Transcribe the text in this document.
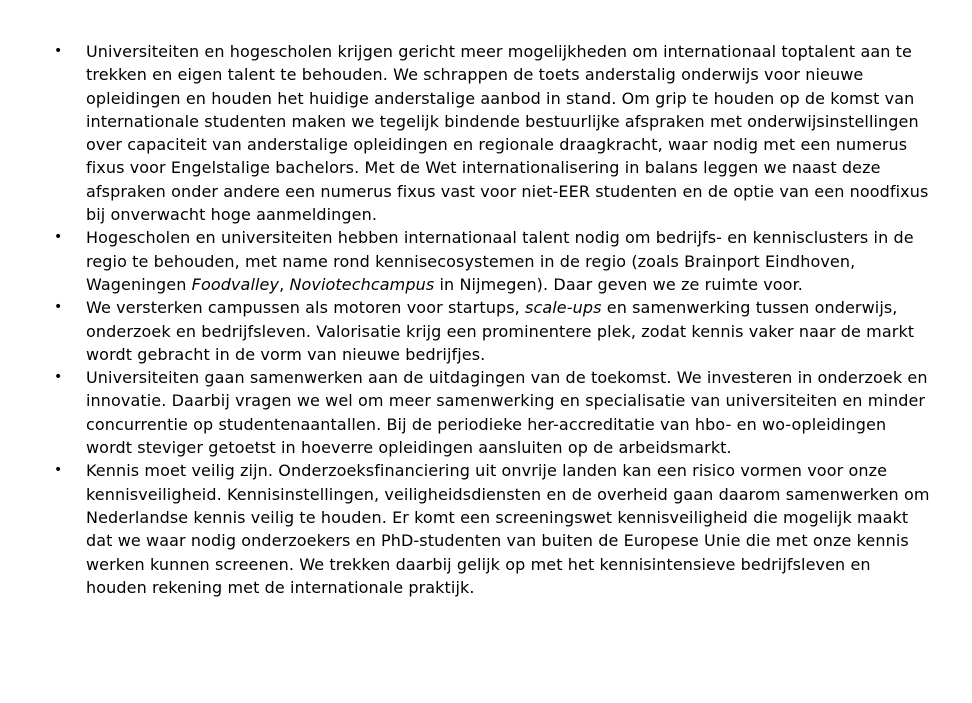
• Universiteiten en hogescholen krijgen gericht meer mogelijkheden om internationaal toptalent aan te trekken en eigen talent te behouden. We schrappen de toets anderstalig onderwijs voor nieuwe opleidingen en houden het huidige anderstalige aanbod in stand. Om grip te houden op de komst van internationale studenten maken we tegelijk bindende bestuurlijke afspraken met onderwijsinstellingen over capaciteit van anderstalige opleidingen en regionale draagkracht, waar nodig met een numerus fixus voor Engelstalige bachelors. Met de Wet internationalisering in balans leggen we naast deze afspraken onder andere een numerus fixus vast voor niet-EER studenten en de optie van een noodfixus bij onverwacht hoge aanmeldingen.
• Hogescholen en universiteiten hebben internationaal talent nodig om bedrijfs- en kennisclusters in de regio te behouden, met name rond kennisecosystemen in de regio (zoals Brainport Eindhoven, Wageningen Foodvalley, Noviotechcampus in Nijmegen). Daar geven we ze ruimte voor.
• We versterken campussen als motoren voor startups, scale-ups en samenwerking tussen onderwijs, onderzoek en bedrijfsleven. Valorisatie krijg een prominentere plek, zodat kennis vaker naar de markt wordt gebracht in de vorm van nieuwe bedrijfjes.
• Universiteiten gaan samenwerken aan de uitdagingen van de toekomst. We investeren in onderzoek en innovatie. Daarbij vragen we wel om meer samenwerking en specialisatie van universiteiten en minder concurrentie op studentenaantallen. Bij de periodieke her-accreditatie van hbo- en wo-opleidingen wordt steviger getoetst in hoeverre opleidingen aansluiten op de arbeidsmarkt.
• Kennis moet veilig zijn. Onderzoeksfinanciering uit onvrije landen kan een risico vormen voor onze kennisveiligheid. Kennisinstellingen, veiligheidsdiensten en de overheid gaan daarom samenwerken om Nederlandse kennis veilig te houden. Er komt een screeningswet kennisveiligheid die mogelijk maakt dat we waar nodig onderzoekers en PhD-studenten van buiten de Europese Unie die met onze kennis werken kunnen screenen. We trekken daarbij gelijk op met het kennisintensieve bedrijfsleven en houden rekening met de internationale praktijk.
